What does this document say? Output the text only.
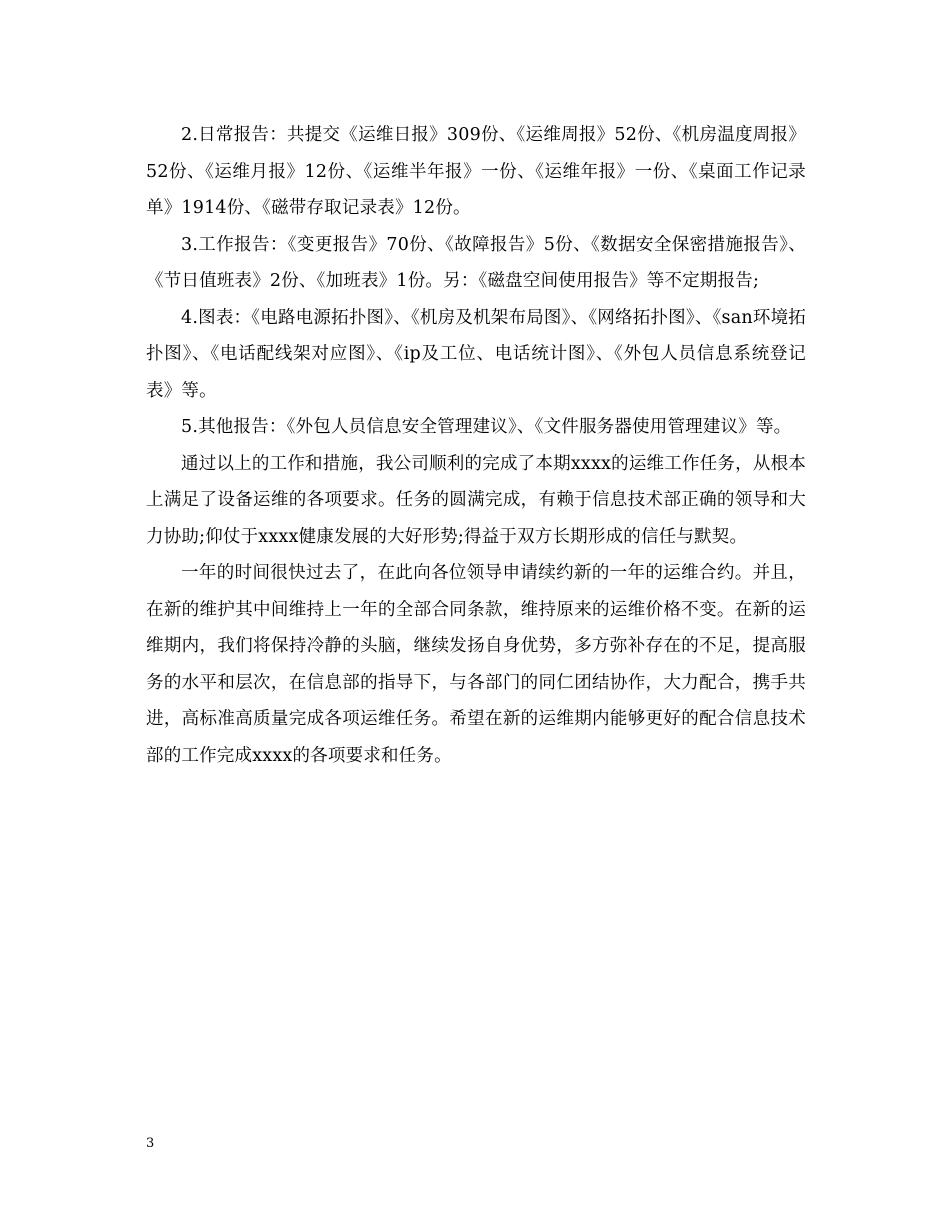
2.日常报告：共提交《运维日报》309份、《运维周报》52份、《机房温度周报》52份、《运维月报》12份、《运维半年报》一份、《运维年报》一份、《桌面工作记录单》1914份、《磁带存取记录表》12份。

3.工作报告：《变更报告》70份、《故障报告》5份、《数据安全保密措施报告》、《节日值班表》2份、《加班表》1份。另：《磁盘空间使用报告》等不定期报告;

4.图表：《电路电源拓扑图》、《机房及机架布局图》、《网络拓扑图》、《san环境拓扑图》、《电话配线架对应图》、《ip及工位、电话统计图》、《外包人员信息系统登记表》等。

5.其他报告：《外包人员信息安全管理建议》、《文件服务器使用管理建议》等。

通过以上的工作和措施，我公司顺利的完成了本期xxxx的运维工作任务，从根本上满足了设备运维的各项要求。任务的圆满完成，有赖于信息技术部正确的领导和大力协助;仰仗于xxxx健康发展的大好形势;得益于双方长期形成的信任与默契。

一年的时间很快过去了，在此向各位领导申请续约新的一年的运维合约。并且，在新的维护其中间维持上一年的全部合同条款，维持原来的运维价格不变。在新的运维期内，我们将保持冷静的头脑，继续发扬自身优势，多方弥补存在的不足，提高服务的水平和层次，在信息部的指导下，与各部门的同仁团结协作，大力配合，携手共进，高标准高质量完成各项运维任务。希望在新的运维期内能够更好的配合信息技术部的工作完成xxxx的各项要求和任务。

3
